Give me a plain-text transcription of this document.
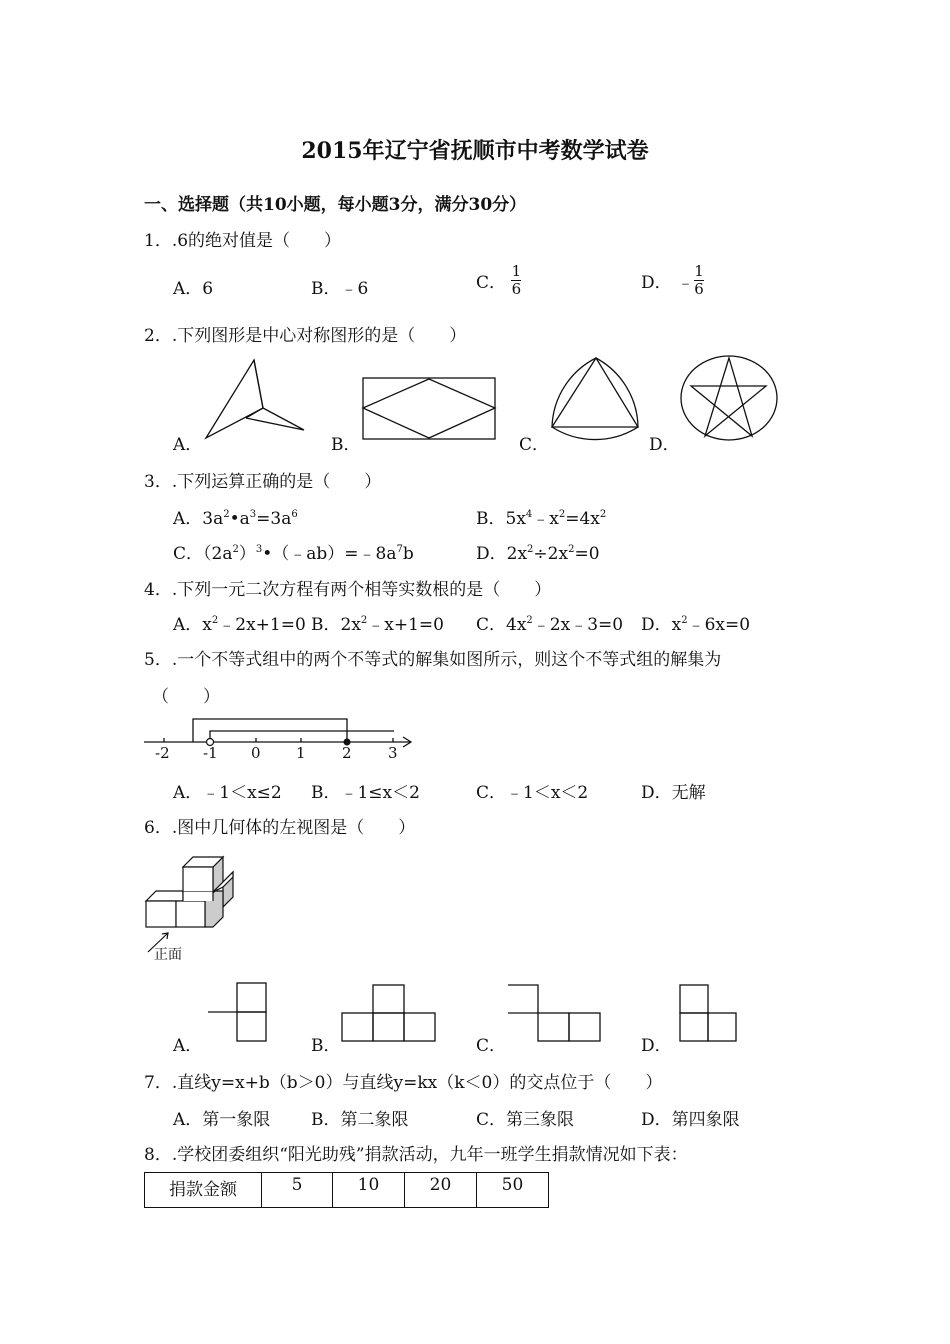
2015年辽宁省抚顺市中考数学试卷
一、选择题（共10小题，每小题3分，满分30分）
1．.6的绝对值是（　　）
A．6	B．﹣6	C． $\frac{1}{6}$	D． ﹣ $\frac{1}{6}$
2．.下列图形是中心对称图形的是（　　）
A．	B．	C．	D．
3．.下列运算正确的是（　　）
A．$3a^2•a^3=3a^6$	B．$5x^4﹣x^2=4x^2$
C．$(2a^2)^3•(﹣ab)=﹣8a^7b$	D．$2x^2\div 2x^2=0$
4．.下列一元二次方程有两个相等实数根的是（　　）
A．$x^2﹣2x+1=0$ B．$2x^2﹣x+1=0$ C．$4x^2﹣2x﹣3=0$ D．$x^2﹣6x=0$
5．.一个不等式组中的两个不等式的解集如图所示，则这个不等式组的解集为
（　　）
-2 -1 0 1 2 3
A．﹣1＜x≤2 B．﹣1≤x＜2	C．﹣1＜x＜2	D．无解
6．.图中几何体的左视图是（　　）
正面
A．	B．	C．	D．
7．.直线y=x+b（b＞0）与直线y=kx（k＜0）的交点位于（　　）
A．第一象限 B．第二象限	C．第三象限	D．第四象限
8．.学校团委组织“阳光助残”捐款活动，九年一班学生捐款情况如下表：
捐款金额	5	10	20	50
